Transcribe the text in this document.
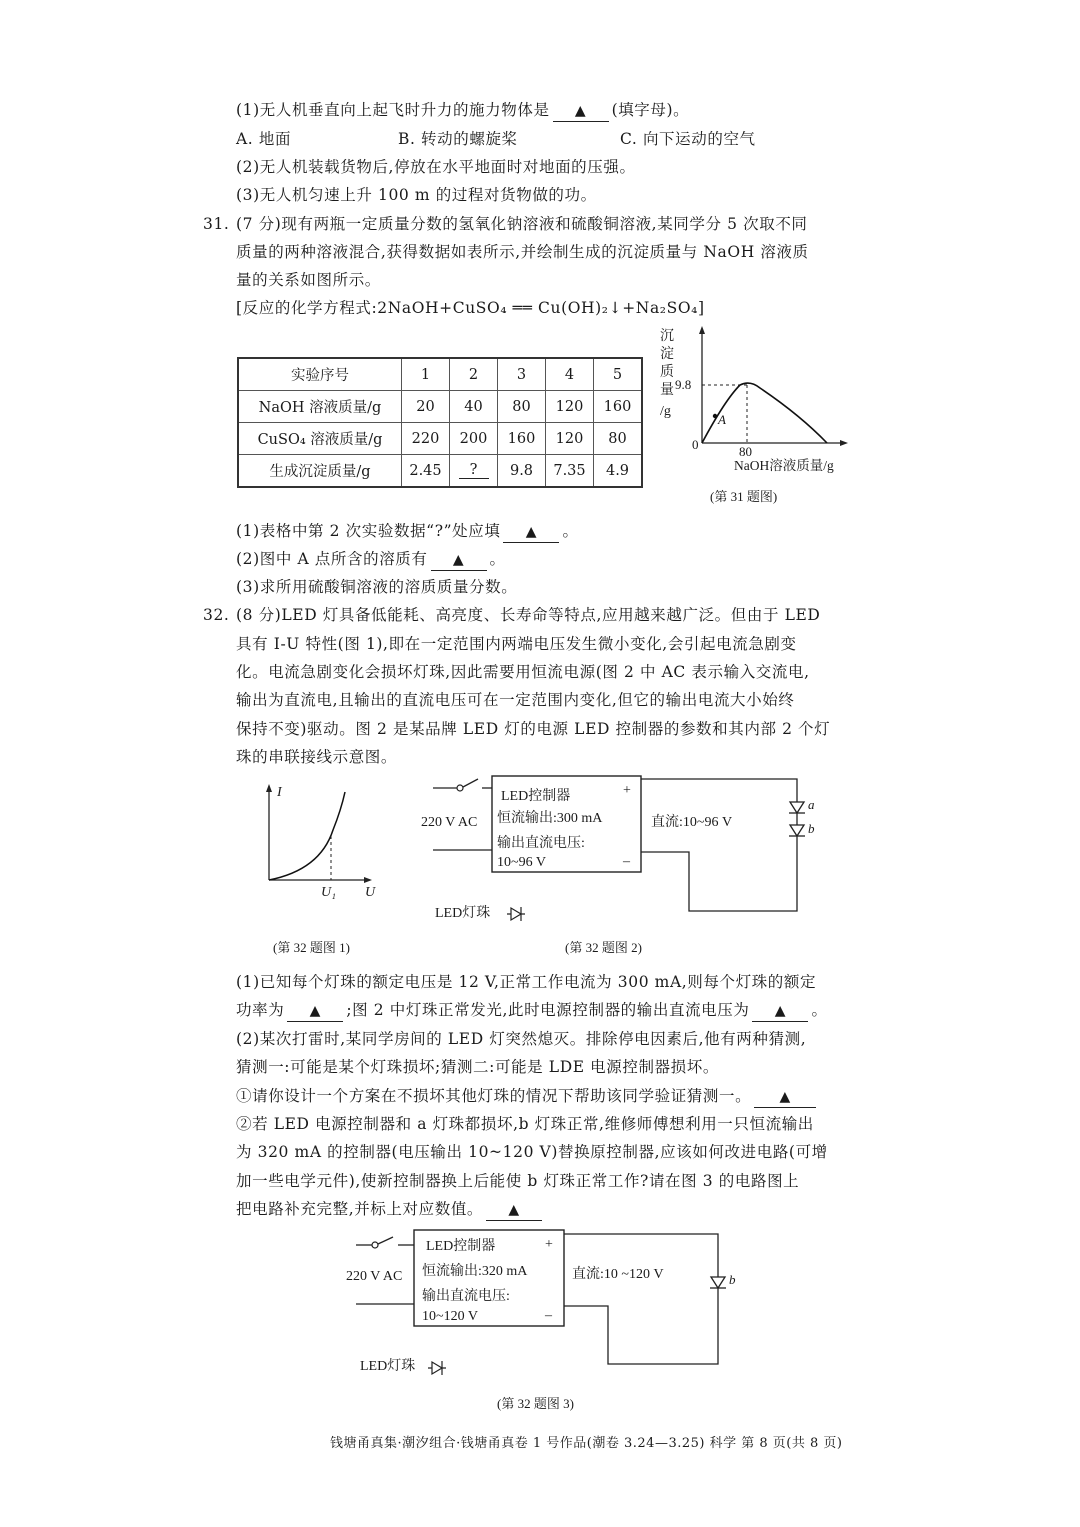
(1)无人机垂直向上起飞时升力的施力物体是 ▲ (填字母)。
A. 地面	B. 转动的螺旋桨	C. 向下运动的空气
(2)无人机装载货物后,停放在水平地面时对地面的压强。
(3)无人机匀速上升 100 m 的过程对货物做的功。
31. (7 分)现有两瓶一定质量分数的氢氧化钠溶液和硫酸铜溶液,某同学分 5 次取不同
质量的两种溶液混合,获得数据如表所示,并绘制生成的沉淀质量与 NaOH 溶液质
量的关系如图所示。
[反应的化学方程式:2NaOH+CuSO₄ ══ Cu(OH)₂↓+Na₂SO₄]
实验序号	1	2	3	4	5
NaOH 溶液质量/g	20	40	80	120	160
CuSO₄ 溶液质量/g	220	200	160	120	80
生成沉淀质量/g	2.45	?	9.8	7.35	4.9
沉
淀
质
量
/g
A
9.8
0	80
NaOH溶液质量/g
(第 31 题图)
(1)表格中第 2 次实验数据“?”处应填 ▲ 。
(2)图中 A 点所含的溶质有 ▲ 。
(3)求所用硫酸铜溶液的溶质质量分数。
32. (8 分)LED 灯具备低能耗、高亮度、长寿命等特点,应用越来越广泛。但由于 LED
具有 I-U 特性(图 1),即在一定范围内两端电压发生微小变化,会引起电流急剧变
化。电流急剧变化会损坏灯珠,因此需要用恒流电源(图 2 中 AC 表示输入交流电,
输出为直流电,且输出的直流电压可在一定范围内变化,但它的输出电流大小始终
保持不变)驱动。图 2 是某品牌 LED 灯的电源 LED 控制器的参数和其内部 2 个灯
珠的串联接线示意图。
I
U₁ U
(第 32 题图 1)
220 V AC
LED控制器	+
恒流输出:300 mA
输出直流电压:
10~96 V	–
直流:10~96 V
a
b
LED灯珠
(第 32 题图 2)
(1)已知每个灯珠的额定电压是 12 V,正常工作电流为 300 mA,则每个灯珠的额定
功率为 ▲ ;图 2 中灯珠正常发光,此时电源控制器的输出直流电压为 ▲ 。
(2)某次打雷时,某同学房间的 LED 灯突然熄灭。排除停电因素后,他有两种猜测,
猜测一:可能是某个灯珠损坏;猜测二:可能是 LDE 电源控制器损坏。
①请你设计一个方案在不损坏其他灯珠的情况下帮助该同学验证猜测一。 ▲
②若 LED 电源控制器和 a 灯珠都损坏,b 灯珠正常,维修师傅想利用一只恒流输出
为 320 mA 的控制器(电压输出 10~120 V)替换原控制器,应该如何改进电路(可增
加一些电学元件),使新控制器换上后能使 b 灯珠正常工作?请在图 3 的电路图上
把电路补充完整,并标上对应数值。 ▲
220 V AC
LED控制器	+
恒流输出:320 mA
输出直流电压:
10~120 V	–
直流:10 ~120 V	b
LED灯珠
(第 32 题图 3)
钱塘甬真集·潮汐组合·钱塘甬真卷 1 号作品(潮卷 3.24—3.25) 科学 第 8 页(共 8 页)
